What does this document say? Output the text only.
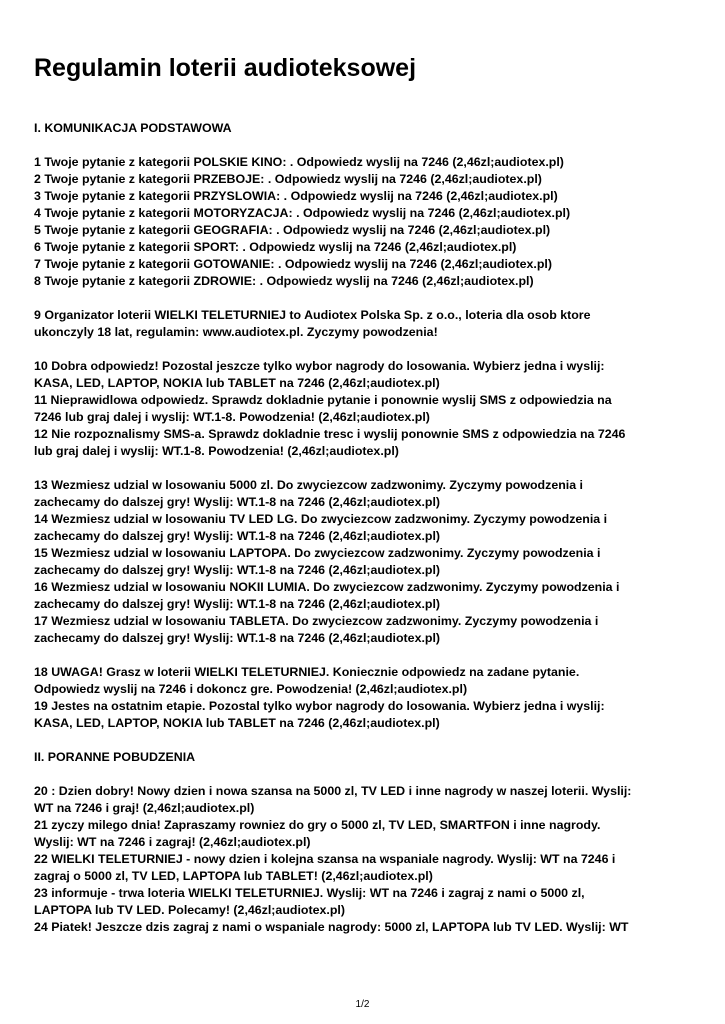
Regulamin loterii audioteksowej
I. KOMUNIKACJA PODSTAWOWA
1 Twoje pytanie z kategorii POLSKIE KINO: . Odpowiedz wyslij na 7246 (2,46zl;audiotex.pl)
2 Twoje pytanie z kategorii PRZEBOJE: . Odpowiedz wyslij na 7246 (2,46zl;audiotex.pl)
3 Twoje pytanie z kategorii PRZYSLOWIA: . Odpowiedz wyslij na 7246 (2,46zl;audiotex.pl)
4 Twoje pytanie z kategorii MOTORYZACJA: . Odpowiedz wyslij na 7246 (2,46zl;audiotex.pl)
5 Twoje pytanie z kategorii GEOGRAFIA: . Odpowiedz wyslij na 7246 (2,46zl;audiotex.pl)
6 Twoje pytanie z kategorii SPORT: . Odpowiedz wyslij na 7246 (2,46zl;audiotex.pl)
7 Twoje pytanie z kategorii GOTOWANIE: . Odpowiedz wyslij na 7246 (2,46zl;audiotex.pl)
8 Twoje pytanie z kategorii ZDROWIE: . Odpowiedz wyslij na 7246 (2,46zl;audiotex.pl)
9 Organizator loterii WIELKI TELETURNIEJ to Audiotex Polska Sp. z o.o., loteria dla osob ktore
ukonczyly 18 lat, regulamin: www.audiotex.pl. Zyczymy powodzenia!
10 Dobra odpowiedz! Pozostal jeszcze tylko wybor nagrody do losowania. Wybierz jedna i wyslij:
KASA, LED, LAPTOP, NOKIA lub TABLET na 7246 (2,46zl;audiotex.pl)
11 Nieprawidlowa odpowiedz. Sprawdz dokladnie pytanie i ponownie wyslij SMS z odpowiedzia na
7246 lub graj dalej i wyslij: WT.1-8. Powodzenia! (2,46zl;audiotex.pl)
12 Nie rozpoznalismy SMS-a. Sprawdz dokladnie tresc i wyslij ponownie SMS z odpowiedzia na 7246
lub graj dalej i wyslij: WT.1-8. Powodzenia! (2,46zl;audiotex.pl)
13 Wezmiesz udzial w losowaniu 5000 zl. Do zwyciezcow zadzwonimy. Zyczymy powodzenia i
zachecamy do dalszej gry! Wyslij: WT.1-8 na 7246 (2,46zl;audiotex.pl)
14 Wezmiesz udzial w losowaniu TV LED LG. Do zwyciezcow zadzwonimy. Zyczymy powodzenia i
zachecamy do dalszej gry! Wyslij: WT.1-8 na 7246 (2,46zl;audiotex.pl)
15 Wezmiesz udzial w losowaniu LAPTOPA. Do zwyciezcow zadzwonimy. Zyczymy powodzenia i
zachecamy do dalszej gry! Wyslij: WT.1-8 na 7246 (2,46zl;audiotex.pl)
16 Wezmiesz udzial w losowaniu NOKII LUMIA. Do zwyciezcow zadzwonimy. Zyczymy powodzenia i
zachecamy do dalszej gry! Wyslij: WT.1-8 na 7246 (2,46zl;audiotex.pl)
17 Wezmiesz udzial w losowaniu TABLETA. Do zwyciezcow zadzwonimy. Zyczymy powodzenia i
zachecamy do dalszej gry! Wyslij: WT.1-8 na 7246 (2,46zl;audiotex.pl)
18 UWAGA! Grasz w loterii WIELKI TELETURNIEJ. Koniecznie odpowiedz na zadane pytanie.
Odpowiedz wyslij na 7246 i dokoncz gre. Powodzenia! (2,46zl;audiotex.pl)
19 Jestes na ostatnim etapie. Pozostal tylko wybor nagrody do losowania. Wybierz jedna i wyslij:
KASA, LED, LAPTOP, NOKIA lub TABLET na 7246 (2,46zl;audiotex.pl)
II. PORANNE POBUDZENIA
20 : Dzien dobry! Nowy dzien i nowa szansa na 5000 zl, TV LED i inne nagrody w naszej loterii. Wyslij:
WT na 7246 i graj! (2,46zl;audiotex.pl)
21 zyczy milego dnia! Zapraszamy rowniez do gry o 5000 zl, TV LED, SMARTFON i inne nagrody.
Wyslij: WT na 7246 i zagraj! (2,46zl;audiotex.pl)
22 WIELKI TELETURNIEJ - nowy dzien i kolejna szansa na wspaniale nagrody. Wyslij: WT na 7246 i
zagraj o 5000 zl, TV LED, LAPTOPA lub TABLET! (2,46zl;audiotex.pl)
23 informuje - trwa loteria WIELKI TELETURNIEJ. Wyslij: WT na 7246 i zagraj z nami o 5000 zl,
LAPTOPA lub TV LED. Polecamy! (2,46zl;audiotex.pl)
24 Piatek! Jeszcze dzis zagraj z nami o wspaniale nagrody: 5000 zl, LAPTOPA lub TV LED. Wyslij: WT
1/2
